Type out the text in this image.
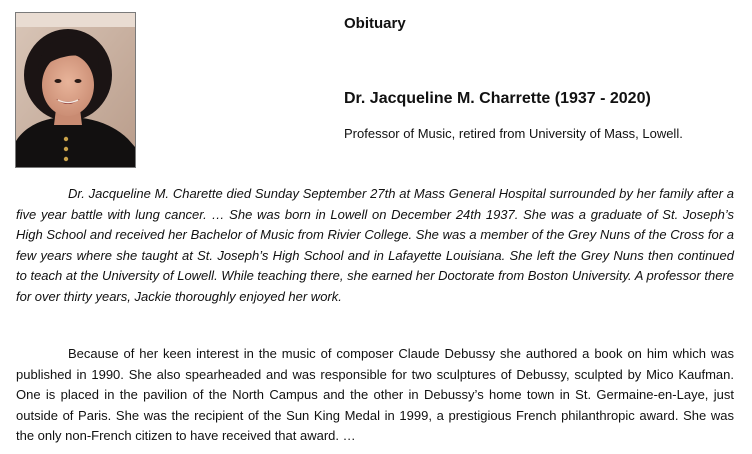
Obituary
Dr. Jacqueline M. Charrette (1937 - 2020)

Professor of Music, retired from University of Mass, Lowell.

Dr. Jacqueline M. Charette died Sunday September 27th at Mass General Hospital surrounded by her family after a five year battle with lung cancer. … She was born in Lowell on December 24th 1937. She was a graduate of St. Joseph’s High School and received her Bachelor of Music from Rivier College. She was a member of the Grey Nuns of the Cross for a few years where she taught at St. Joseph’s High School and in Lafayette Louisiana. She left the Grey Nuns then continued to teach at the University of Lowell. While teaching there, she earned her Doctorate from Boston University. A professor there for over thirty years, Jackie thoroughly enjoyed her work.

Because of her keen interest in the music of composer Claude Debussy she authored a book on him which was published in 1990. She also spearheaded and was responsible for two sculptures of Debussy, sculpted by Mico Kaufman. One is placed in the pavilion of the North Campus and the other in Debussy’s home town in St. Germaine-en-Laye, just outside of Paris. She was the recipient of the Sun King Medal in 1999, a prestigious French philanthropic award. She was the only non-French citizen to have received that award. …
